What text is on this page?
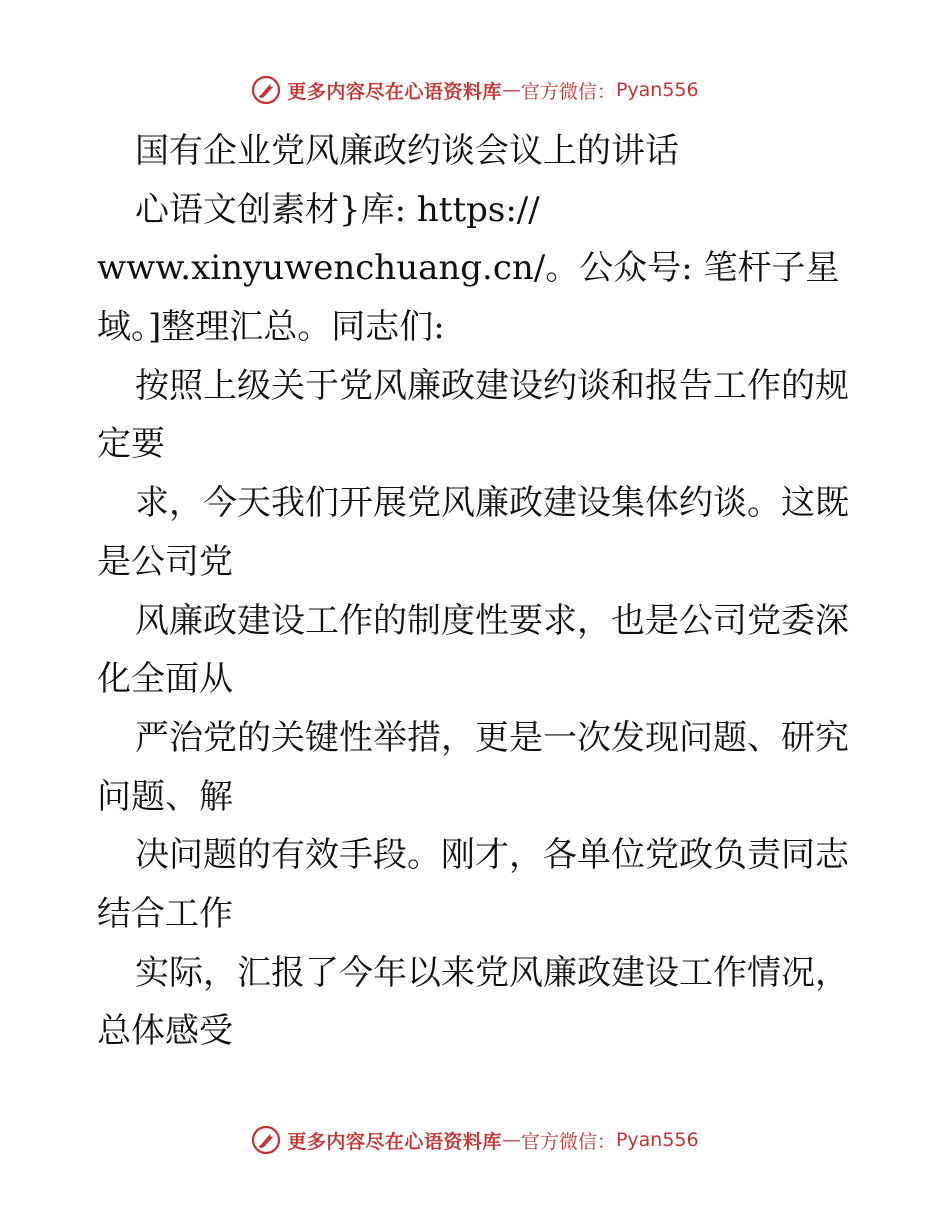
更多内容尽在心语资料库 — 官方微信： Pyan556
国有企业党风廉政约谈会议上的讲话
心语文创素材}库: https://
www.xinyuwenchuang.cn/。公众号: 笔杆子星
域。]整理汇总。同志们:
按照上级关于党风廉政建设约谈和报告工作的规
定要
求，今天我们开展党风廉政建设集体约谈。这既
是公司党
风廉政建设工作的制度性要求，也是公司党委深
化全面从
严治党的关键性举措，更是一次发现问题、研究
问题、解
决问题的有效手段。刚才，各单位党政负责同志
结合工作
实际，汇报了今年以来党风廉政建设工作情况，
总体感受
更多内容尽在心语资料库 — 官方微信： Pyan556
